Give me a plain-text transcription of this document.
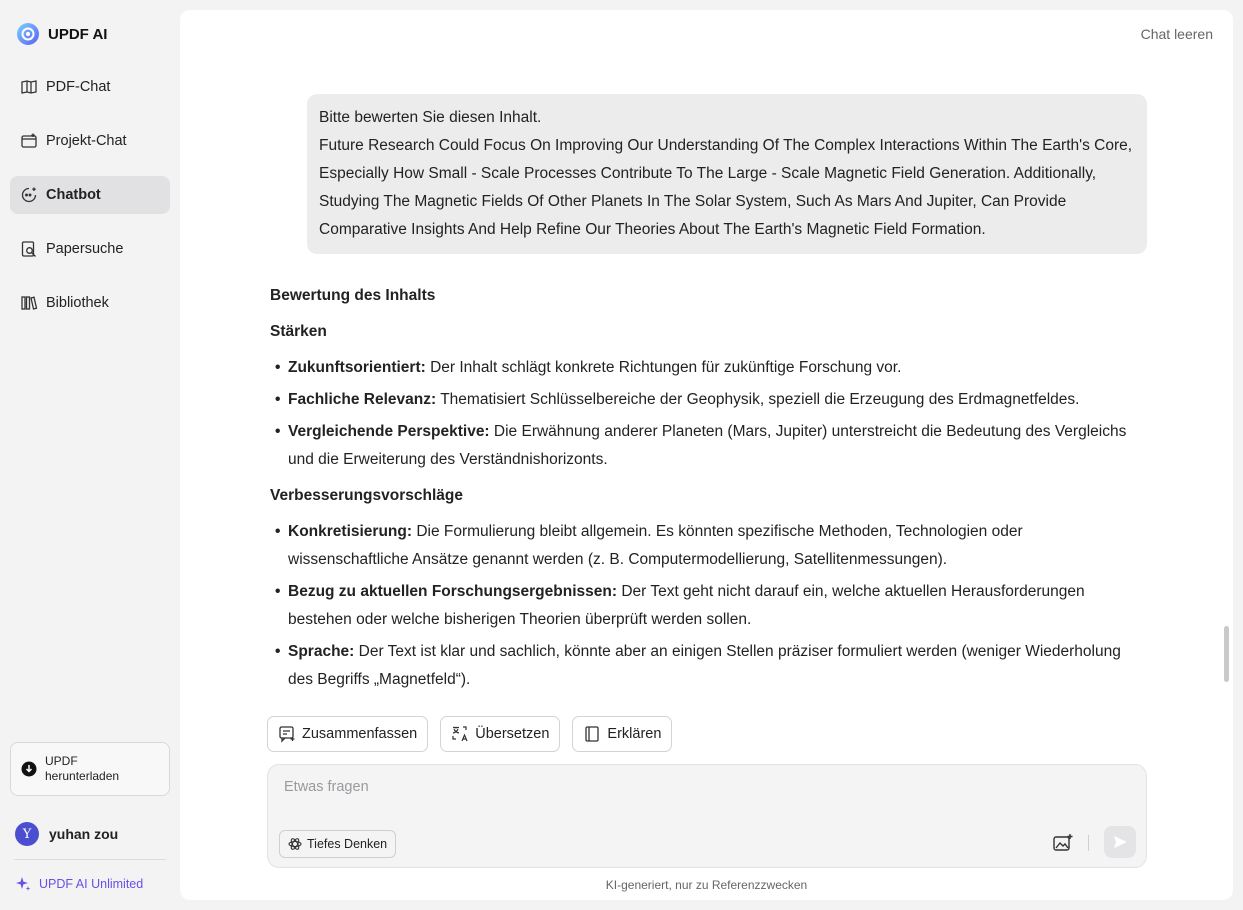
UPDF AI
PDF-Chat
Projekt-Chat
Chatbot
Papersuche
Bibliothek
UPDF herunterladen
Y	yuhan zou
UPDF AI Unlimited
Chat leeren
Bitte bewerten Sie diesen Inhalt.
Future Research Could Focus On Improving Our Understanding Of The Complex Interactions Within The Earth's Core, Especially How Small - Scale Processes Contribute To The Large - Scale Magnetic Field Generation. Additionally, Studying The Magnetic Fields Of Other Planets In The Solar System, Such As Mars And Jupiter, Can Provide Comparative Insights And Help Refine Our Theories About The Earth's Magnetic Field Formation.
Bewertung des Inhalts
Stärken
• Zukunftsorientiert: Der Inhalt schlägt konkrete Richtungen für zukünftige Forschung vor.
• Fachliche Relevanz: Thematisiert Schlüsselbereiche der Geophysik, speziell die Erzeugung des Erdmagnetfeldes.
• Vergleichende Perspektive: Die Erwähnung anderer Planeten (Mars, Jupiter) unterstreicht die Bedeutung des Vergleichs und die Erweiterung des Verständnishorizonts.
Verbesserungsvorschläge
• Konkretisierung: Die Formulierung bleibt allgemein. Es könnten spezifische Methoden, Technologien oder wissenschaftliche Ansätze genannt werden (z. B. Computermodellierung, Satellitenmessungen).
• Bezug zu aktuellen Forschungsergebnissen: Der Text geht nicht darauf ein, welche aktuellen Herausforderungen bestehen oder welche bisherigen Theorien überprüft werden sollen.
• Sprache: Der Text ist klar und sachlich, könnte aber an einigen Stellen präziser formuliert werden (weniger Wiederholung des Begriffs „Magnetfeld“).
Zusammenfassen	Übersetzen	Erklären
Etwas fragen
Tiefes Denken
KI-generiert, nur zu Referenzzwecken
